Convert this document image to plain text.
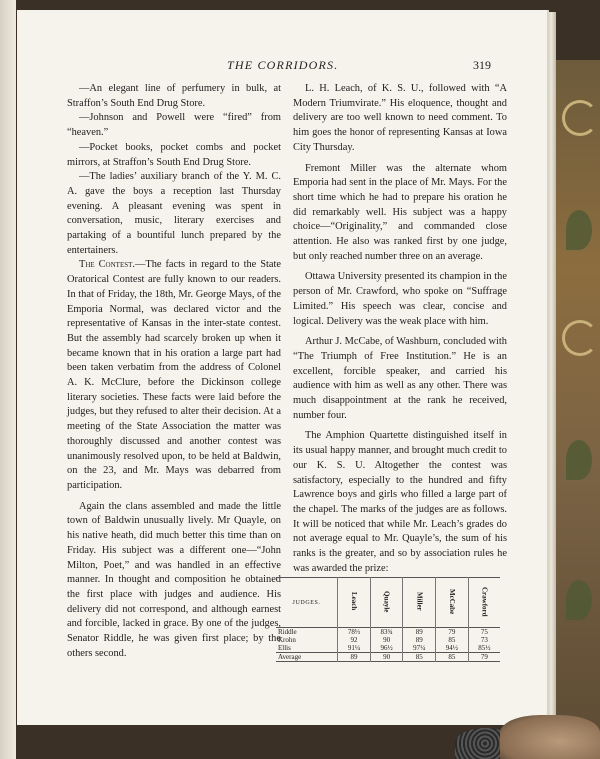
THE CORRIDORS.	319

—An elegant line of perfumery in bulk, at Straffon’s South End Drug Store.

—Johnson and Powell were “fired” from “heaven.”

—Pocket books, pocket combs and pocket mirrors, at Straffon’s South End Drug Store.

—The ladies’ auxiliary branch of the Y. M. C. A. gave the boys a reception last Thursday evening. A pleasant evening was spent in conversation, music, literary exercises and partaking of a bountiful lunch prepared by the entertainers.

The Contest.—The facts in regard to the State Oratorical Contest are fully known to our readers. In that of Friday, the 18th, Mr. George Mays, of the Emporia Normal, was declared victor and the representative of Kansas in the inter-state contest. But the assembly had scarcely broken up when it became known that in his oration a large part had been taken verbatim from the address of Colonel A. K. McClure, before the Dickinson college literary societies. These facts were laid before the judges, but they refused to alter their decision. At a meeting of the State Association the matter was thoroughly discussed and another contest was unanimously resolved upon, to be held at Baldwin, on the 23, and Mr. Mays was debarred from participation.

Again the clans assembled and made the little town of Baldwin unusually lively. Mr Quayle, on his native heath, did much better this time than on Friday. His subject was a different one—“John Milton, Poet,” and was handled in an effective manner. In thought and composition he obtained the first place with judges and audience. His delivery did not correspond, and although earnest and forcible, lacked in grace. By one of the judges, Senator Riddle, he was given first place; by the others second.

L. H. Leach, of K. S. U., followed with “A Modern Triumvirate.” His eloquence, thought and delivery are too well known to need comment. To him goes the honor of representing Kansas at Iowa City Thursday.

Fremont Miller was the alternate whom Emporia had sent in the place of Mr. Mays. For the short time which he had to prepare his oration he did remarkably well. His subject was a happy choice—“Originality,” and commanded close attention. He also was ranked first by one judge, but only reached number three on an average.

Ottawa University presented its champion in the person of Mr. Crawford, who spoke on “Suffrage Limited.” His speech was clear, concise and logical. Delivery was the weak place with him.

Arthur J. McCabe, of Washburn, concluded with “The Triumph of Free Institution.” He is an excellent, forcible speaker, and carried his audience with him as well as any other. There was much disappointment at the rank he received, number four.

The Amphion Quartette distinguished itself in its usual happy manner, and brought much credit to our K. S. U. Altogether the contest was satisfactory, especially to the hundred and fifty Lawrence boys and girls who filled a large part of the chapel. The marks of the judges are as follows. It will be noticed that while Mr. Leach’s grades do not average equal to Mr. Quayle’s, the sum of his ranks is the greater, and so by association rules he was awarded the prize:

JUDGES.	Leach	Quayle	Miller	McCabe	Crawford
Riddle	78⅓	83¾	89	79	75
Krohn	92	90	89	85	73
Ellis	91¼	96½	97¼	94½	85½
Average	89	90	85	85	79
